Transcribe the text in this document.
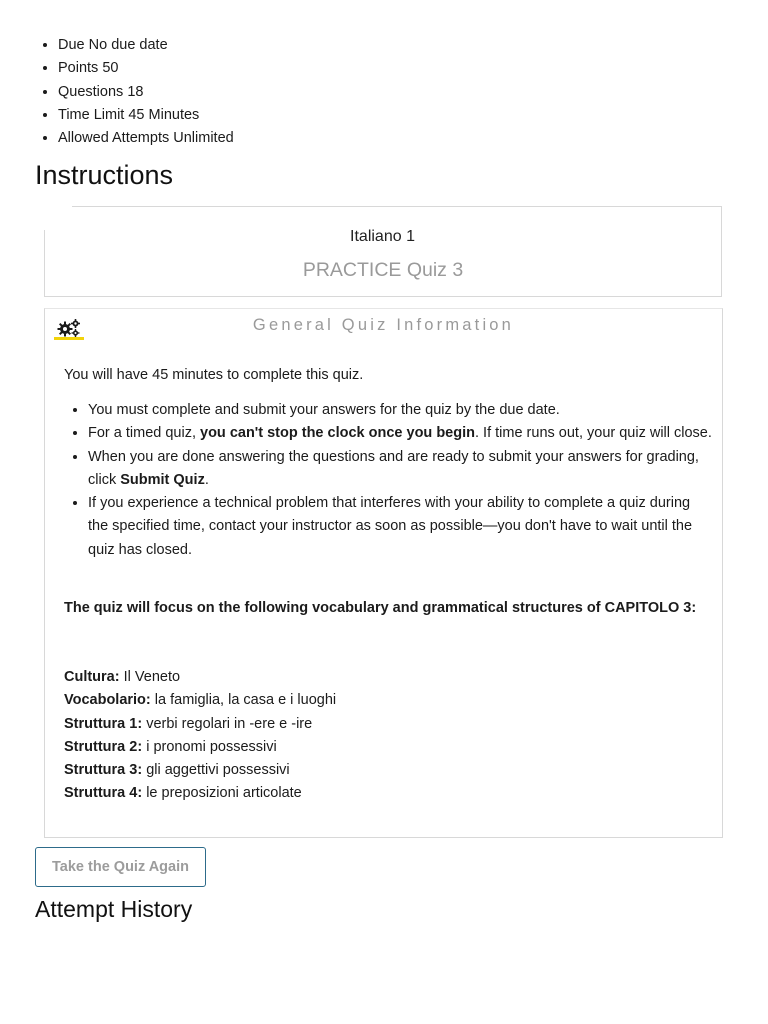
• Due No due date
• Points 50
• Questions 18
• Time Limit 45 Minutes
• Allowed Attempts Unlimited
Instructions
Italiano 1
PRACTICE Quiz 3
General Quiz Information

You will have 45 minutes to complete this quiz.

• You must complete and submit your answers for the quiz by the due date.
• For a timed quiz, you can't stop the clock once you begin. If time runs out, your quiz will close.
• When you are done answering the questions and are ready to submit your answers for grading, click Submit Quiz.
• If you experience a technical problem that interferes with your ability to complete a quiz during the specified time, contact your instructor as soon as possible—you don't have to wait until the quiz has closed.

The quiz will focus on the following vocabulary and grammatical structures of CAPITOLO 3:

Cultura: Il Veneto
Vocabolario: la famiglia, la casa e i luoghi
Struttura 1: verbi regolari in -ere e -ire
Struttura 2: i pronomi possessivi
Struttura 3: gli aggettivi possessivi
Struttura 4: le preposizioni articolate
Take the Quiz Again
Attempt History
